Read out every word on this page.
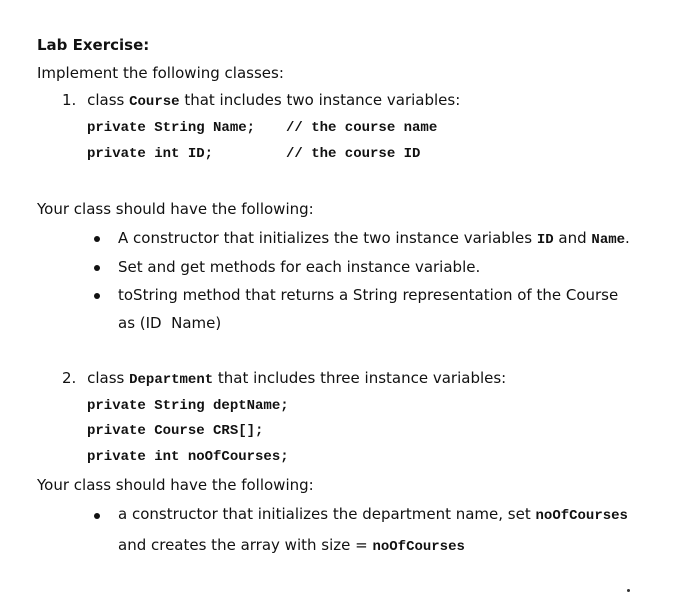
Lab Exercise:
Implement the following classes:
1. class Course that includes two instance variables:
private String Name; // the course name
private int ID;	// the course ID
Your class should have the following:
A constructor that initializes the two instance variables ID and Name.
Set and get methods for each instance variable.
toString method that returns a String representation of the Course
as (ID  Name)
2. class Department that includes three instance variables:
private String deptName;
private Course CRS[];
private int noOfCourses;
Your class should have the following:
a constructor that initializes the department name, set noOfCourses
and creates the array with size = noOfCourses
